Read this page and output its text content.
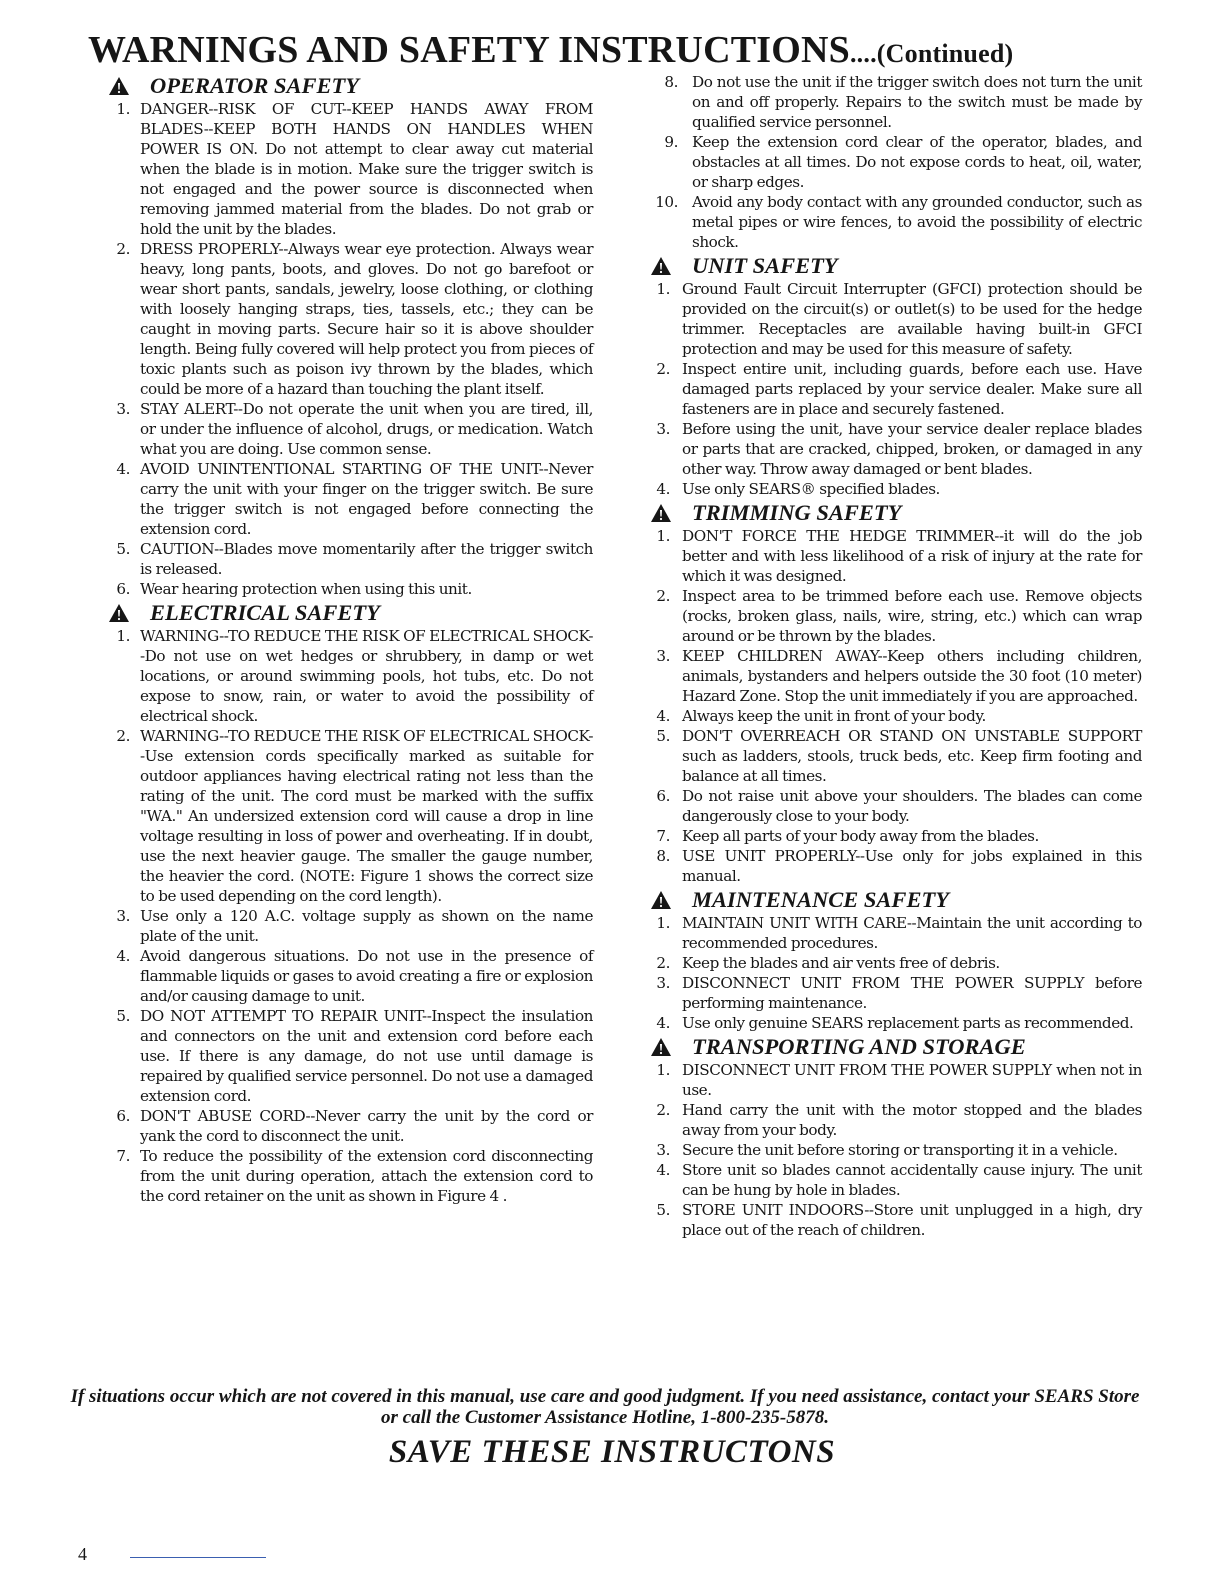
WARNINGS AND SAFETY INSTRUCTIONS....(Continued)
OPERATOR SAFETY
1. DANGER--RISK OF CUT--KEEP HANDS AWAY FROM BLADES--KEEP BOTH HANDS ON HANDLES WHEN POWER IS ON. Do not attempt to clear away cut material when the blade is in motion. Make sure the trigger switch is not engaged and the power source is disconnected when removing jammed material from the blades. Do not grab or hold the unit by the blades.
2. DRESS PROPERLY--Always wear eye protection. Always wear heavy, long pants, boots, and gloves. Do not go barefoot or wear short pants, sandals, jewelry, loose clothing, or clothing with loosely hanging straps, ties, tassels, etc.; they can be caught in moving parts. Secure hair so it is above shoulder length. Being fully covered will help protect you from pieces of toxic plants such as poison ivy thrown by the blades, which could be more of a hazard than touching the plant itself.
3. STAY ALERT--Do not operate the unit when you are tired, ill, or under the influence of alcohol, drugs, or medication. Watch what you are doing. Use common sense.
4. AVOID UNINTENTIONAL STARTING OF THE UNIT--Never carry the unit with your finger on the trigger switch. Be sure the trigger switch is not engaged before connecting the extension cord.
5. CAUTION--Blades move momentarily after the trigger switch is released.
6. Wear hearing protection when using this unit.
ELECTRICAL SAFETY
1. WARNING--TO REDUCE THE RISK OF ELECTRICAL SHOCK--Do not use on wet hedges or shrubbery, in damp or wet locations, or around swimming pools, hot tubs, etc. Do not expose to snow, rain, or water to avoid the possibility of electrical shock.
2. WARNING--TO REDUCE THE RISK OF ELECTRICAL SHOCK--Use extension cords specifically marked as suitable for outdoor appliances having electrical rating not less than the rating of the unit. The cord must be marked with the suffix "WA." An undersized extension cord will cause a drop in line voltage resulting in loss of power and overheating. If in doubt, use the next heavier gauge. The smaller the gauge number, the heavier the cord. (NOTE: Figure 1 shows the correct size to be used depending on the cord length).
3. Use only a 120 A.C. voltage supply as shown on the name plate of the unit.
4. Avoid dangerous situations. Do not use in the presence of flammable liquids or gases to avoid creating a fire or explosion and/or causing damage to unit.
5. DO NOT ATTEMPT TO REPAIR UNIT--Inspect the insulation and connectors on the unit and extension cord before each use. If there is any damage, do not use until damage is repaired by qualified service personnel. Do not use a damaged extension cord.
6. DON'T ABUSE CORD--Never carry the unit by the cord or yank the cord to disconnect the unit.
7. To reduce the possibility of the extension cord disconnecting from the unit during operation, attach the extension cord to the cord retainer on the unit as shown in Figure 4 .
8. Do not use the unit if the trigger switch does not turn the unit on and off properly. Repairs to the switch must be made by qualified service personnel.
9. Keep the extension cord clear of the operator, blades, and obstacles at all times. Do not expose cords to heat, oil, water, or sharp edges.
10. Avoid any body contact with any grounded conductor, such as metal pipes or wire fences, to avoid the possibility of electric shock.
UNIT SAFETY
1. Ground Fault Circuit Interrupter (GFCI) protection should be provided on the circuit(s) or outlet(s) to be used for the hedge trimmer. Receptacles are available having built-in GFCI protection and may be used for this measure of safety.
2. Inspect entire unit, including guards, before each use. Have damaged parts replaced by your service dealer. Make sure all fasteners are in place and securely fastened.
3. Before using the unit, have your service dealer replace blades or parts that are cracked, chipped, broken, or damaged in any other way. Throw away damaged or bent blades.
4. Use only SEARS® specified blades.
TRIMMING SAFETY
1. DON'T FORCE THE HEDGE TRIMMER--it will do the job better and with less likelihood of a risk of injury at the rate for which it was designed.
2. Inspect area to be trimmed before each use. Remove objects (rocks, broken glass, nails, wire, string, etc.) which can wrap around or be thrown by the blades.
3. KEEP CHILDREN AWAY--Keep others including children, animals, bystanders and helpers outside the 30 foot (10 meter) Hazard Zone. Stop the unit immediately if you are approached.
4. Always keep the unit in front of your body.
5. DON'T OVERREACH OR STAND ON UNSTABLE SUPPORT such as ladders, stools, truck beds, etc. Keep firm footing and balance at all times.
6. Do not raise unit above your shoulders. The blades can come dangerously close to your body.
7. Keep all parts of your body away from the blades.
8. USE UNIT PROPERLY--Use only for jobs explained in this manual.
MAINTENANCE SAFETY
1. MAINTAIN UNIT WITH CARE--Maintain the unit according to recommended procedures.
2. Keep the blades and air vents free of debris.
3. DISCONNECT UNIT FROM THE POWER SUPPLY before performing maintenance.
4. Use only genuine SEARS replacement parts as recommended.
TRANSPORTING AND STORAGE
1. DISCONNECT UNIT FROM THE POWER SUPPLY when not in use.
2. Hand carry the unit with the motor stopped and the blades away from your body.
3. Secure the unit before storing or transporting it in a vehicle.
4. Store unit so blades cannot accidentally cause injury. The unit can be hung by hole in blades.
5. STORE UNIT INDOORS--Store unit unplugged in a high, dry place out of the reach of children.
If situations occur which are not covered in this manual, use care and good judgment. If you need assistance, contact your SEARS Store or call the Customer Assistance Hotline, 1-800-235-5878.
SAVE THESE INSTRUCTONS
4
